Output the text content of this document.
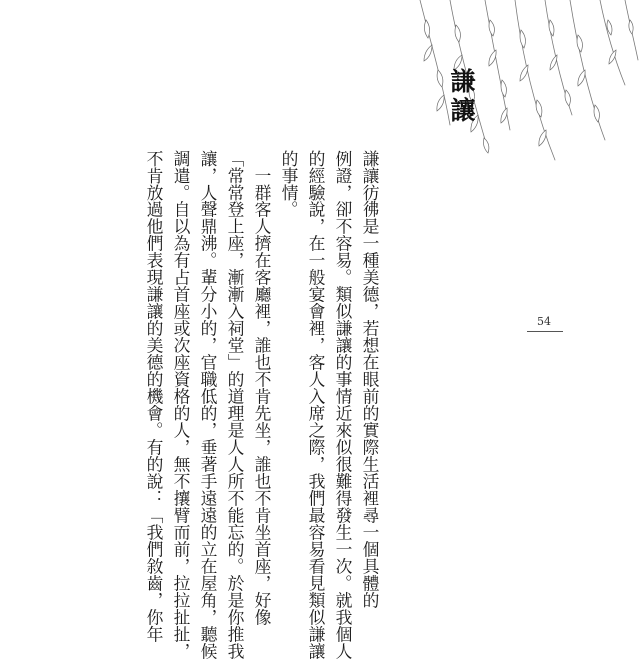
謙讓
謙讓彷彿是一種美德，若想在眼前的實際生活裡尋一個具體的
例證，卻不容易。類似謙讓的事情近來似很難得發生一次。就我個人
的經驗說，在一般宴會裡，客人入席之際，我們最容易看見類似謙讓
的事情。
　一群客人擠在客廳裡，誰也不肯先坐，誰也不肯坐首座，好像
「常常登上座，漸漸入祠堂」的道理是人人所不能忘的。於是你推我
讓，人聲鼎沸。輩分小的，官職低的，垂著手遠遠的立在屋角，聽候
調遣。自以為有占首座或次座資格的人，無不攘臂而前，拉拉扯扯，
不肯放過他們表現謙讓的美德的機會。有的說：「我們敘齒，你年	54
